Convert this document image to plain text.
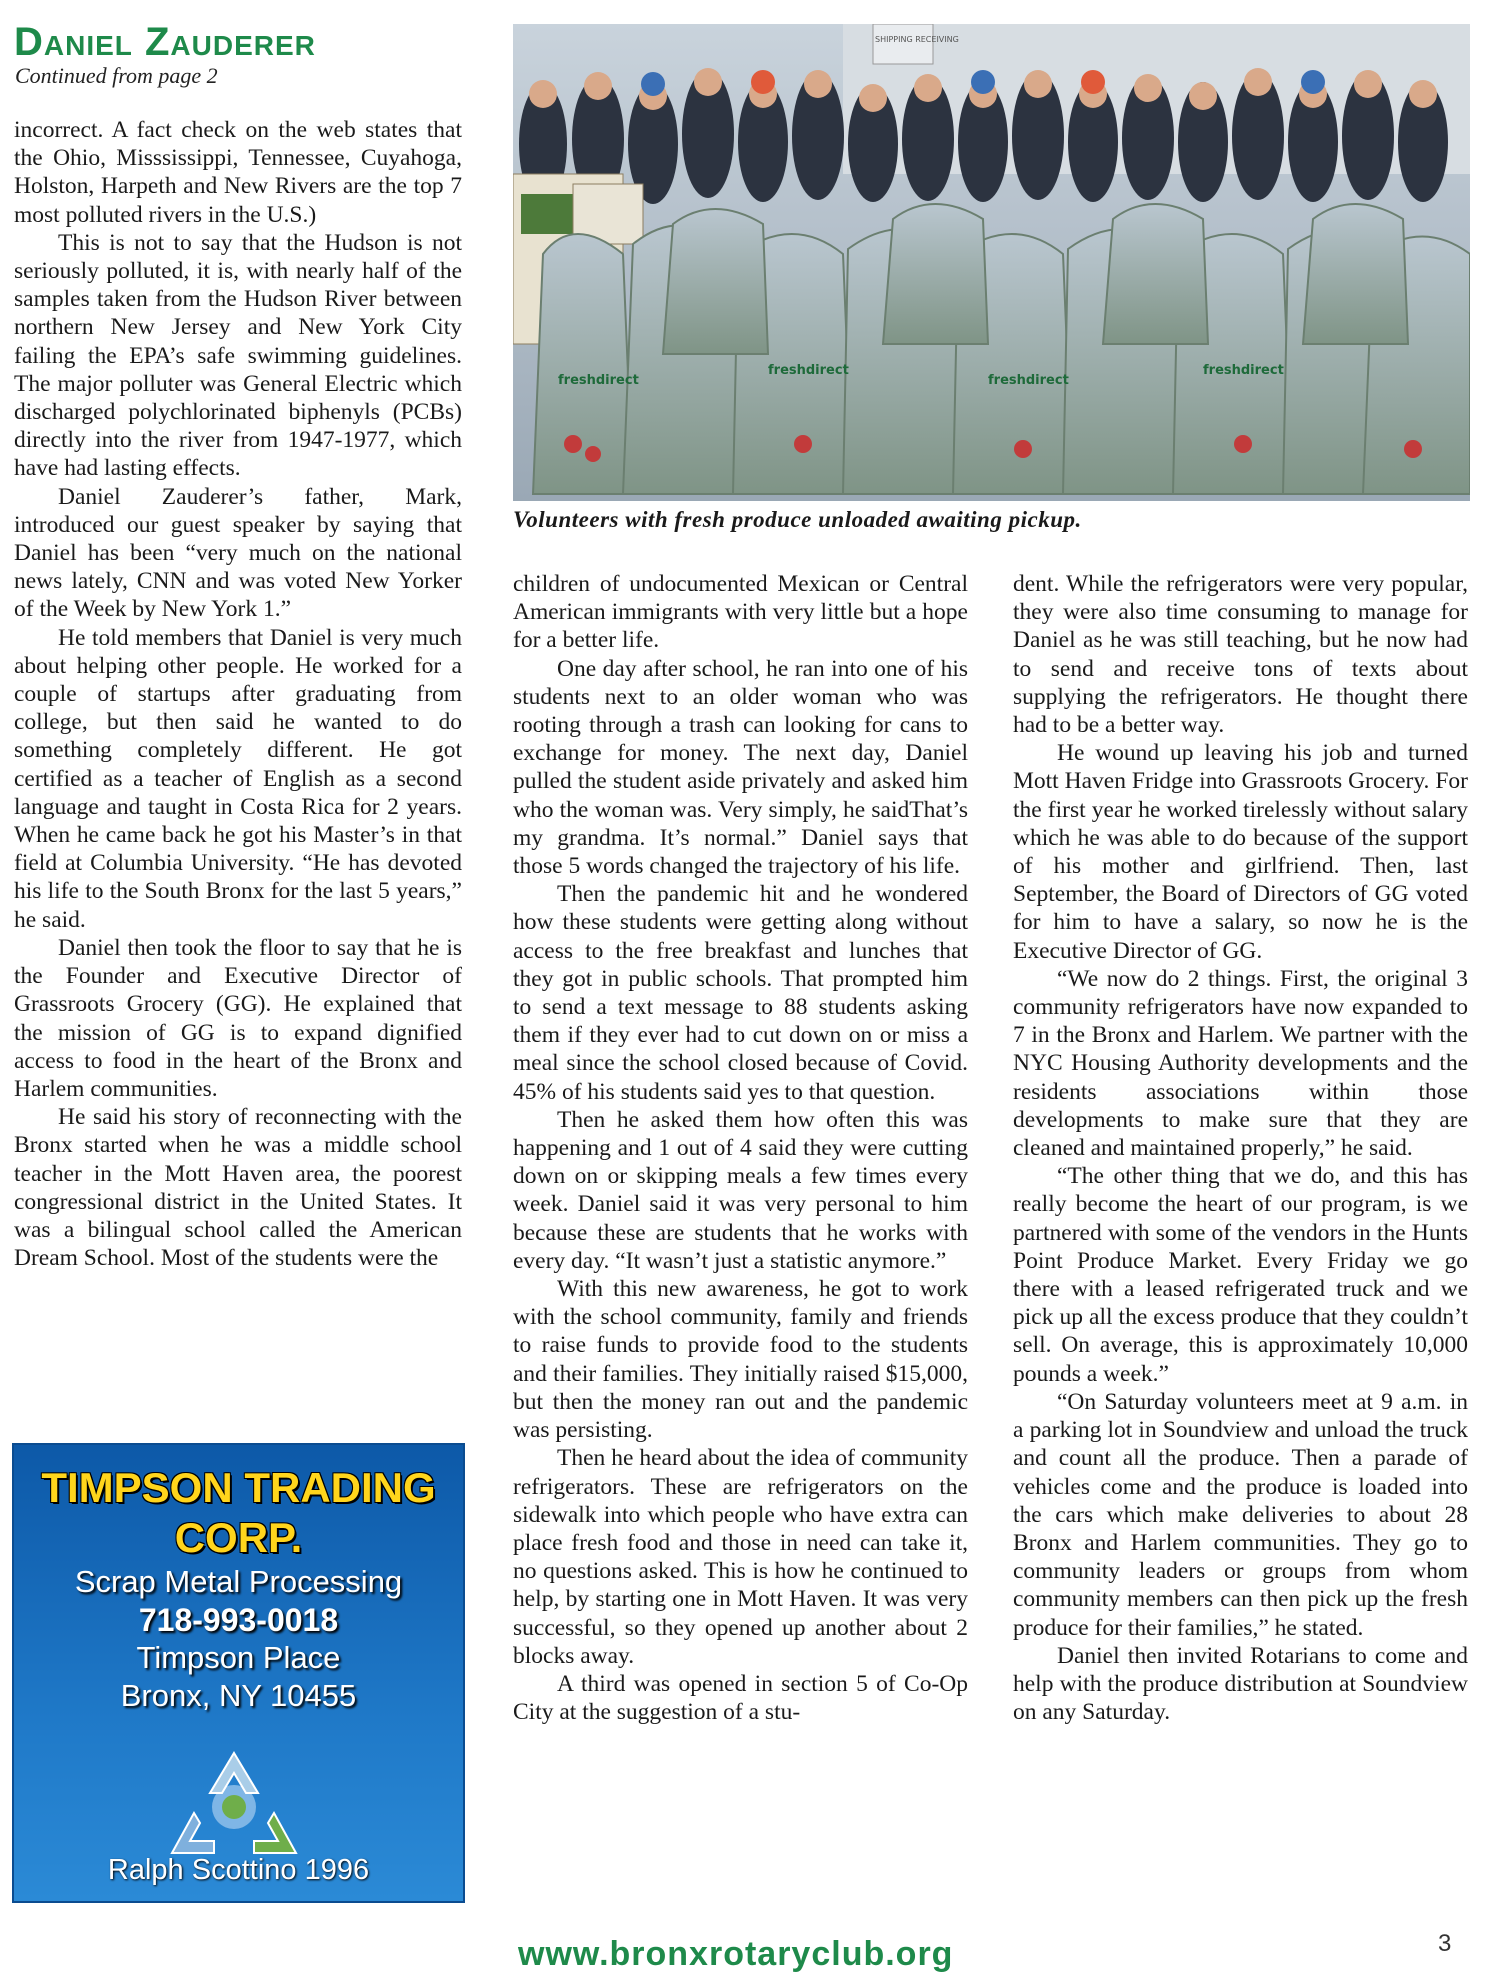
Daniel Zauderer
Continued from page 2
SHIPPING RECEIVING
freshdirect
freshdirect
freshdirect
freshdirect
Volunteers with fresh produce unloaded awaiting pickup.

incorrect. A fact check on the web states that the Ohio, Misssissippi, Tennessee, Cuyahoga, Holston, Harpeth and New Rivers are the top 7 most polluted rivers in the U.S.)

This is not to say that the Hudson is not seriously polluted, it is, with nearly half of the samples taken from the Hudson River between northern New Jersey and New York City failing the EPA’s safe swimming guidelines. The major polluter was General Electric which discharged polychlorinated biphenyls (PCBs) directly into the river from 1947-1977, which have had lasting effects.

Daniel Zauderer’s father, Mark, introduced our guest speaker by saying that Daniel has been “very much on the national news lately, CNN and was voted New Yorker of the Week by New York 1.”

He told members that Daniel is very much about helping other people. He worked for a couple of startups after graduating from college, but then said he wanted to do something completely different. He got certified as a teacher of English as a second language and taught in Costa Rica for 2 years. When he came back he got his Master’s in that field at Columbia University. “He has devoted his life to the South Bronx for the last 5 years,” he said.

Daniel then took the floor to say that he is the Founder and Executive Director of Grassroots Grocery (GG). He explained that the mission of GG is to expand dignified access to food in the heart of the Bronx and Harlem communities.

He said his story of reconnecting with the Bronx started when he was a middle school teacher in the Mott Haven area, the poorest congressional district in the United States. It was a bilingual school called the American Dream School. Most of the students were the

children of undocumented Mexican or Central American immigrants with very little but a hope for a better life.

One day after school, he ran into one of his students next to an older woman who was rooting through a trash can looking for cans to exchange for money. The next day, Daniel pulled the student aside privately and asked him who the woman was. Very simply, he saidThat’s my grandma. It’s normal.” Daniel says that those 5 words changed the trajectory of his life.

Then the pandemic hit and he wondered how these students were getting along without access to the free breakfast and lunches that they got in public schools. That prompted him to send a text message to 88 students asking them if they ever had to cut down on or miss a meal since the school closed because of Covid. 45% of his students said yes to that question.

Then he asked them how often this was happening and 1 out of 4 said they were cutting down on or skipping meals a few times every week. Daniel said it was very personal to him because these are students that he works with every day. “It wasn’t just a statistic anymore.”

With this new awareness, he got to work with the school community, family and friends to raise funds to provide food to the students and their families. They initially raised $15,000, but then the money ran out and the pandemic was persisting.

Then he heard about the idea of community refrigerators. These are refrigerators on the sidewalk into which people who have extra can place fresh food and those in need can take it, no questions asked. This is how he continued to help, by starting one in Mott Haven. It was very successful, so they opened up another about 2 blocks away.

A third was opened in section 5 of Co-Op City at the suggestion of a stu-

dent. While the refrigerators were very popular, they were also time consuming to manage for Daniel as he was still teaching, but he now had to send and receive tons of texts about supplying the refrigerators. He thought there had to be a better way.

He wound up leaving his job and turned Mott Haven Fridge into Grassroots Grocery. For the first year he worked tirelessly without salary which he was able to do because of the support of his mother and girlfriend. Then, last September, the Board of Directors of GG voted for him to have a salary, so now he is the Executive Director of GG.

“We now do 2 things. First, the original 3 community refrigerators have now expanded to 7 in the Bronx and Harlem. We partner with the NYC Housing Authority developments and the residents associations within those developments to make sure that they are cleaned and maintained properly,” he said.

“The other thing that we do, and this has really become the heart of our program, is we partnered with some of the vendors in the Hunts Point Produce Market. Every Friday we go there with a leased refrigerated truck and we pick up all the excess produce that they couldn’t sell. On average, this is approximately 10,000 pounds a week.”

“On Saturday volunteers meet at 9 a.m. in a parking lot in Soundview and unload the truck and count all the produce. Then a parade of vehicles come and the produce is loaded into the cars which make deliveries to about 28 Bronx and Harlem communities. They go to community leaders or groups from whom community members can then pick up the fresh produce for their families,” he stated.

Daniel then invited Rotarians to come and help with the produce distribution at Soundview on any Saturday.

TIMPSON TRADING
CORP.
Scrap Metal Processing
718-993-0018
Timpson Place
Bronx, NY 10455
Ralph Scottino 1996
www.bronxrotaryclub.org	3
